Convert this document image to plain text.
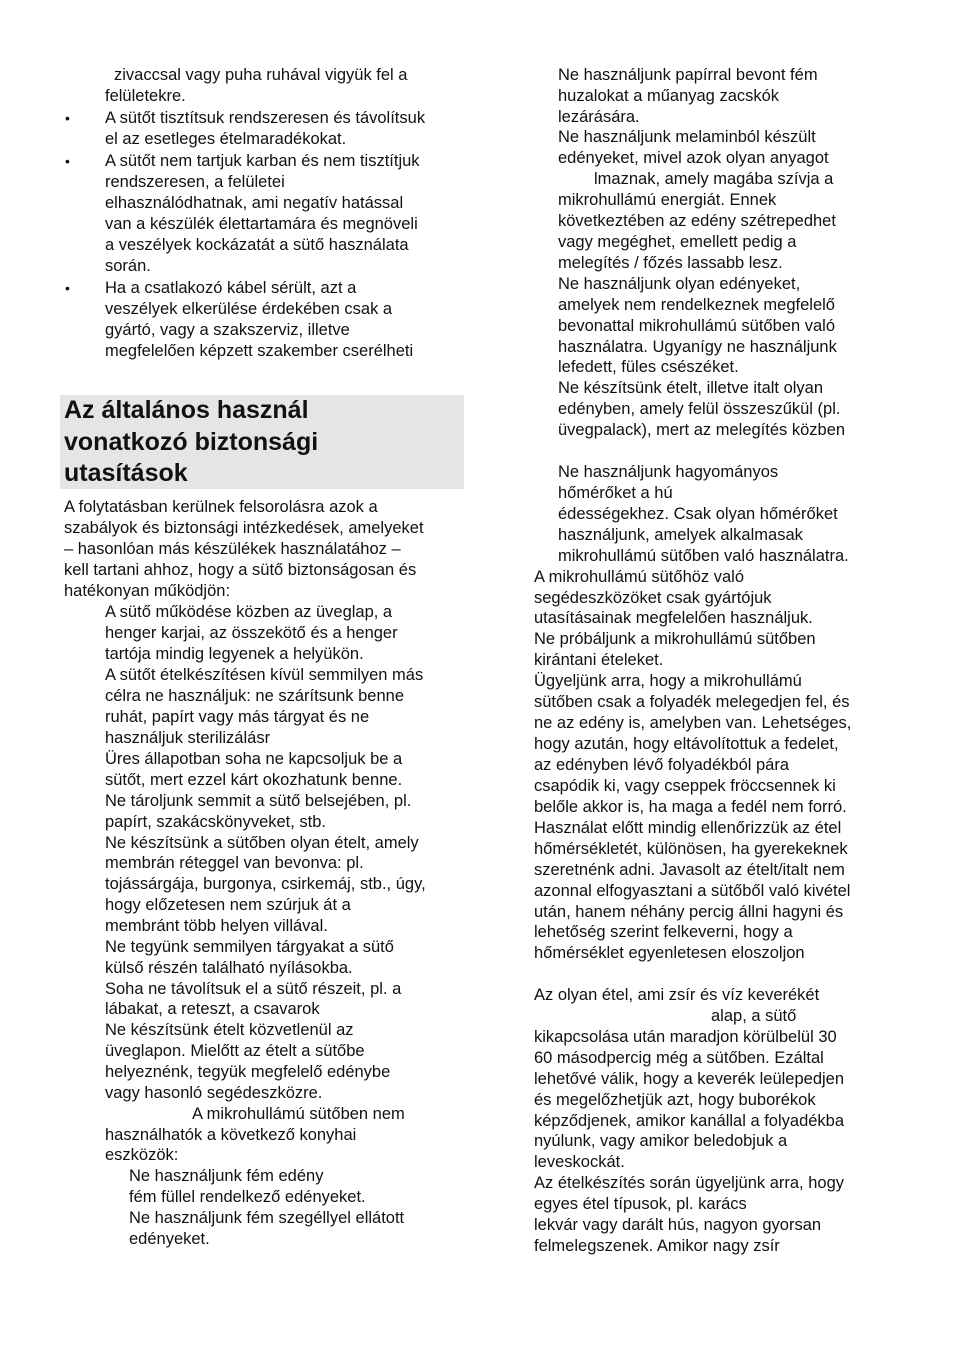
zivaccsal vagy puha ruhával vigyük fel a
felületekre.
• A sütőt tisztítsuk rendszeresen és távolítsuk
el az esetleges ételmaradékokat.
• A sütőt nem tartjuk karban és nem tisztítjuk
rendszeresen, a felületei
elhasználódhatnak, ami negatív hatással
van a készülék élettartamára és megnöveli
a veszélyek kockázatát a sütő használata
során.
• Ha a csatlakozó kábel sérült, azt a
veszélyek elkerülése érdekében csak a
gyártó, vagy a szakszerviz, illetve
megfelelően képzett szakember cserélheti
Az általános használ
vonatkozó biztonsági
utasítások
A folytatásban kerülnek felsorolásra azok a
szabályok és biztonsági intézkedések, amelyeket
– hasonlóan más készülékek használatához –
kell tartani ahhoz, hogy a sütő biztonságosan és
hatékonyan működjön:
A sütő működése közben az üveglap, a
henger karjai, az összekötő és a henger
tartója mindig legyenek a helyükön.
A sütőt ételkészítésen kívül semmilyen más
célra ne használjuk: ne szárítsunk benne
ruhát, papírt vagy más tárgyat és ne
használjuk sterilizálásr
Üres állapotban soha ne kapcsoljuk be a
sütőt, mert ezzel kárt okozhatunk benne.
Ne tároljunk semmit a sütő belsejében, pl.
papírt, szakácskönyveket, stb.
Ne készítsünk a sütőben olyan ételt, amely
membrán réteggel van bevonva: pl.
tojássárgája, burgonya, csirkemáj, stb., úgy,
hogy előzetesen nem szúrjuk át a
membránt több helyen villával.
Ne tegyünk semmilyen tárgyakat a sütő
külső részén található nyílásokba.
Soha ne távolítsuk el a sütő részeit, pl. a
lábakat, a reteszt, a csavarok
Ne készítsünk ételt közvetlenül az
üveglapon. Mielőtt az ételt a sütőbe
helyeznénk, tegyük megfelelő edénybe
vagy hasonló segédeszközre.
A mikrohullámú sütőben nem
használhatók a következő konyhai
eszközök:
Ne használjunk fém edény
fém füllel rendelkező edényeket.
Ne használjunk fém szegéllyel ellátott
edényeket.
Ne használjunk papírral bevont fém
huzalokat a műanyag zacskók
lezárására.
Ne használjunk melaminból készült
edényeket, mivel azok olyan anyagot
lmaznak, amely magába szívja a
mikrohullámú energiát. Ennek
következtében az edény szétrepedhet
vagy megéghet, emellett pedig a
melegítés / főzés lassabb lesz.
Ne használjunk olyan edényeket,
amelyek nem rendelkeznek megfelelő
bevonattal mikrohullámú sütőben való
használatra. Ugyanígy ne használjunk
lefedett, füles csészéket.
Ne készítsünk ételt, illetve italt olyan
edényben, amely felül összeszűkül (pl.
üvegpalack), mert az melegítés közben
Ne használjunk hagyományos
hőmérőket a hú
édességekhez. Csak olyan hőmérőket
használjunk, amelyek alkalmasak
mikrohullámú sütőben való használatra.
A mikrohullámú sütőhöz való
segédeszközöket csak gyártójuk
utasításainak megfelelően használjuk.
Ne próbáljunk a mikrohullámú sütőben
kirántani ételeket.
Ügyeljünk arra, hogy a mikrohullámú
sütőben csak a folyadék melegedjen fel, és
ne az edény is, amelyben van. Lehetséges,
hogy azután, hogy eltávolítottuk a fedelet,
az edényben lévő folyadékból pára
csapódik ki, vagy cseppek fröccsennek ki
belőle akkor is, ha maga a fedél nem forró.
Használat előtt mindig ellenőrizzük az étel
hőmérsékletét, különösen, ha gyerekeknek
szeretnénk adni. Javasolt az ételt/italt nem
azonnal elfogyasztani a sütőből való kivétel
után, hanem néhány percig állni hagyni és
lehetőség szerint felkeverni, hogy a
hőmérséklet egyenletesen eloszoljon
Az olyan étel, ami zsír és víz keverékét
alap, a sütő
kikapcsolása után maradjon körülbelül 30
60 másodpercig még a sütőben. Ezáltal
lehetővé válik, hogy a keverék leülepedjen
és megelőzhetjük azt, hogy buborékok
képződjenek, amikor kanállal a folyadékba
nyúlunk, vagy amikor beledobjuk a
leveskockát.
Az ételkészítés során ügyeljünk arra, hogy
egyes étel típusok, pl. karács
lekvár vagy darált hús, nagyon gyorsan
felmelegszenek. Amikor nagy zsír
